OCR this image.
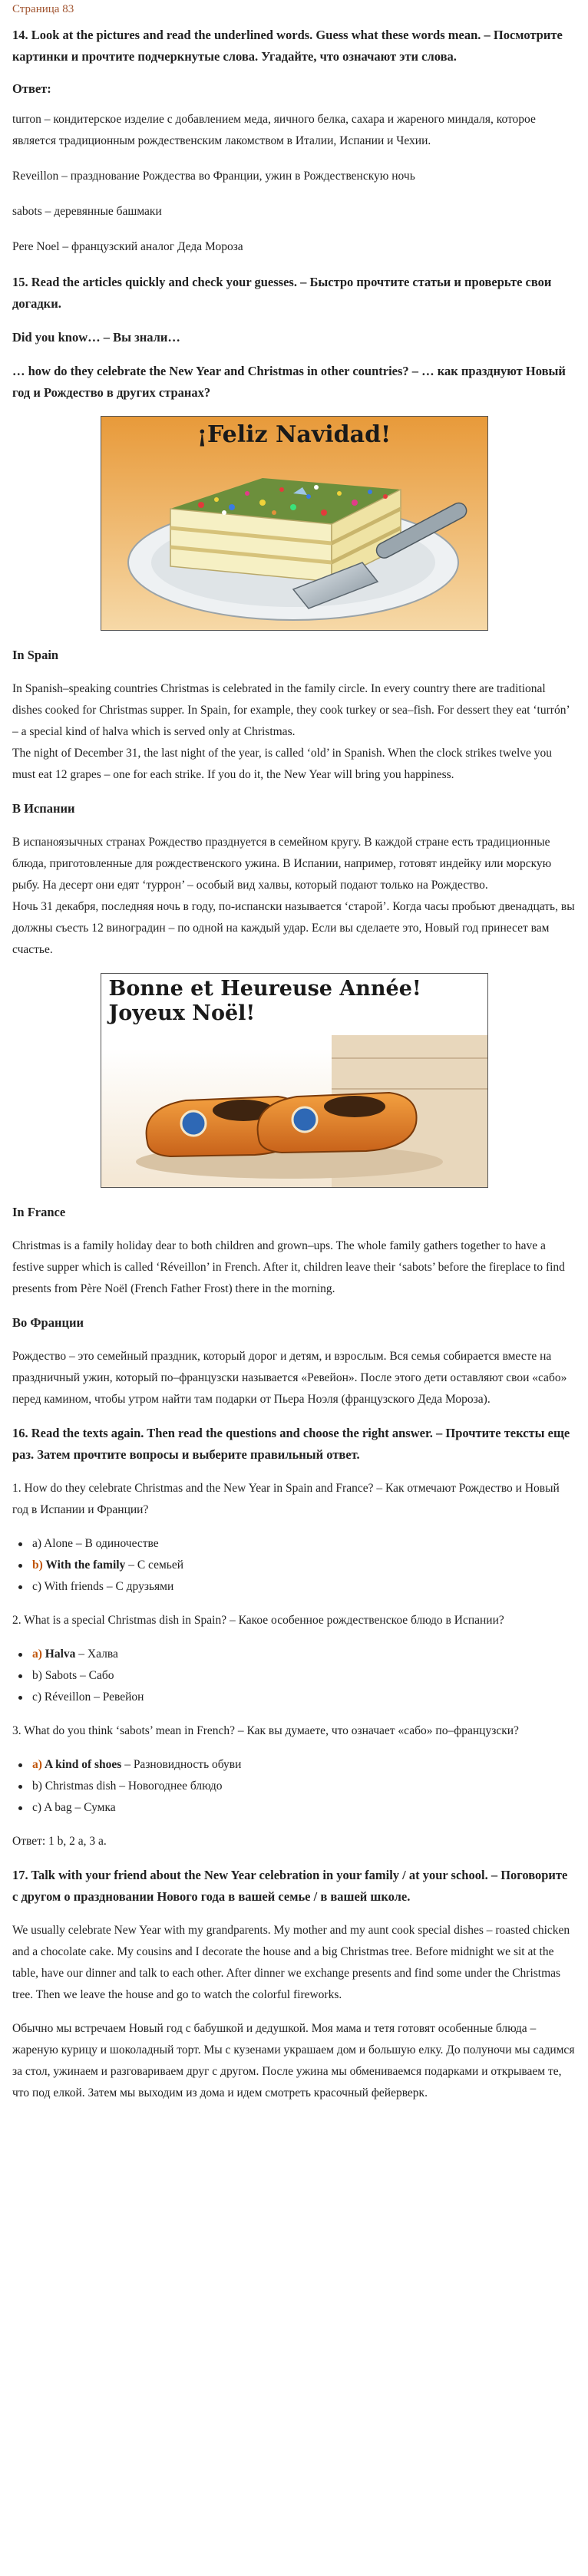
Страница 83
14. Look at the pictures and read the underlined words. Guess what these words mean. – Посмотрите картинки и прочтите подчеркнутые слова. Угадайте, что означают эти слова.
Ответ:

turron – кондитерское изделие с добавлением меда, яичного белка, сахара и жареного миндаля, которое является традиционным рождественским лакомством в Италии, Испании и Чехии.

Reveillon – празднование Рождества во Франции, ужин в Рождественскую ночь

sabots – деревянные башмаки

Pere Noel – французский аналог Деда Мороза

15. Read the articles quickly and check your guesses. – Быстро прочтите статьи и проверьте свои догадки.
Did you know… – Вы знали…
… how do they celebrate the New Year and Christmas in other countries? – … как празднуют Новый год и Рождество в других странах?
¡Feliz Navidad!
In Spain

In Spanish–speaking countries Christmas is celebrated in the family circle. In every country there are traditional dishes cooked for Christmas supper. In Spain, for example, they cook turkey or sea–fish. For dessert they eat ‘turrón’ – a special kind of halva which is served only at Christmas.
The night of December 31, the last night of the year, is called ‘old’ in Spanish. When the clock strikes twelve you must eat 12 grapes – one for each strike. If you do it, the New Year will bring you happiness.

В Испании

В испаноязычных странах Рождество празднуется в семейном кругу. В каждой стране есть традиционные блюда, приготовленные для рождественского ужина. В Испании, например, готовят индейку или морскую рыбу. На десерт они едят ‘туррон’ – особый вид халвы, который подают только на Рождество.
Ночь 31 декабря, последняя ночь в году, по-испански называется ‘старой’. Когда часы пробьют двенадцать, вы должны съесть 12 виноградин – по одной на каждый удар. Если вы сделаете это, Новый год принесет вам счастье.

Bonne et Heureuse Année!
Joyeux Noël!
In France

Christmas is a family holiday dear to both children and grown–ups. The whole family gathers together to have a festive supper which is called ‘Réveillon’ in French. After it, children leave their ‘sabots’ before the fireplace to find presents from Père Noël (French Father Frost) there in the morning.

Во Франции

Рождество – это семейный праздник, который дорог и детям, и взрослым. Вся семья собирается вместе на праздничный ужин, который по–французски называется «Ревейон». После этого дети оставляют свои «сабо» перед камином, чтобы утром найти там подарки от Пьера Ноэля (французского Деда Мороза).

16. Read the texts again. Then read the questions and choose the right answer. – Прочтите тексты еще раз. Затем прочтите вопросы и выберите правильный ответ.

1. How do they celebrate Christmas and the New Year in Spain and France? – Как отмечают Рождество и Новый год в Испании и Франции?

a) Alone – В одиночестве
b) With the family – С семьей
c) With friends – С друзьями

2. What is a special Christmas dish in Spain? – Какое особенное рождественское блюдо в Испании?

a) Halva – Халва
b) Sabots – Сабо
c) Réveillon – Ревейон

3. What do you think ‘sabots’ mean in French? – Как вы думаете, что означает «сабо» по–французски?

a) A kind of shoes – Разновидность обуви
b) Christmas dish – Новогоднее блюдо
c) A bag – Сумка

Ответ: 1 b, 2 a, 3 a.

17. Talk with your friend about the New Year celebration in your family / at your school. – Поговорите с другом о праздновании Нового года в вашей семье / в вашей школе.

We usually celebrate New Year with my grandparents. My mother and my aunt cook special dishes – roasted chicken and a chocolate cake. My cousins and I decorate the house and a big Christmas tree. Before midnight we sit at the table, have our dinner and talk to each other. After dinner we exchange presents and find some under the Christmas tree. Then we leave the house and go to watch the colorful fireworks.

Обычно мы встречаем Новый год с бабушкой и дедушкой. Моя мама и тетя готовят особенные блюда – жареную курицу и шоколадный торт. Мы с кузенами украшаем дом и большую елку. До полуночи мы садимся за стол, ужинаем и разговариваем друг с другом. После ужина мы обмениваемся подарками и открываем те, что под елкой. Затем мы выходим из дома и идем смотреть красочный фейерверк.
